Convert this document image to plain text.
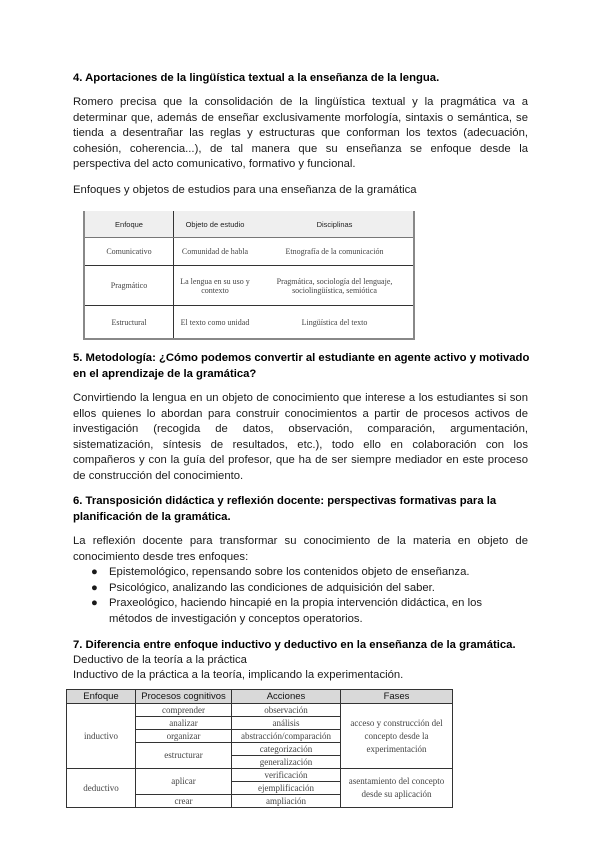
4. Aportaciones de la lingüística textual a la enseñanza de la lengua.
Romero precisa que la consolidación de la lingüística textual y la pragmática va a determinar que, además de enseñar exclusivamente morfología, sintaxis o semántica, se tienda a desentrañar las reglas y estructuras que conforman los textos (adecuación, cohesión, coherencia...), de tal manera que su enseñanza se enfoque desde la perspectiva del acto comunicativo, formativo y funcional.
Enfoques y objetos de estudios para una enseñanza de la gramática
Enfoque	Objeto de estudio	Disciplinas
Comunicativo	Comunidad de habla	Etnografía de la comunicación
Pragmático	La lengua en su uso y contexto	Pragmática, sociología del lenguaje, sociolingüística, semiótica
Estructural	El texto como unidad	Lingüística del texto
5. Metodología: ¿Cómo podemos convertir al estudiante en agente activo y motivado en el aprendizaje de la gramática?
Convirtiendo la lengua en un objeto de conocimiento que interese a los estudiantes si son ellos quienes lo abordan para construir conocimientos a partir de procesos activos de investigación (recogida de datos, observación, comparación, argumentación, sistematización, síntesis de resultados, etc.), todo ello en colaboración con los compañeros y con la guía del profesor, que ha de ser siempre mediador en este proceso de construcción del conocimiento.
6. Transposición didáctica y reflexión docente: perspectivas formativas para la planificación de la gramática.
La reflexión docente para transformar su conocimiento de la materia en objeto de conocimiento desde tres enfoques:
● Epistemológico, repensando sobre los contenidos objeto de enseñanza.
● Psicológico, analizando las condiciones de adquisición del saber.
● Praxeológico, haciendo hincapié en la propia intervención didáctica, en los métodos de investigación y conceptos operatorios.
7. Diferencia entre enfoque inductivo y deductivo en la enseñanza de la gramática.
Deductivo de la teoría a la práctica
Inductivo de la práctica a la teoría, implicando la experimentación.
Enfoque	Procesos cognitivos	Acciones	Fases
inductivo	comprender	observación	acceso y construcción del concepto desde la experimentación
	analizar	análisis	
	organizar	abstracción/comparación	
	estructurar	categorización	
		generalización	
deductivo	aplicar	verificación	asentamiento del concepto desde su aplicación
		ejemplificación	
	crear	ampliación	
